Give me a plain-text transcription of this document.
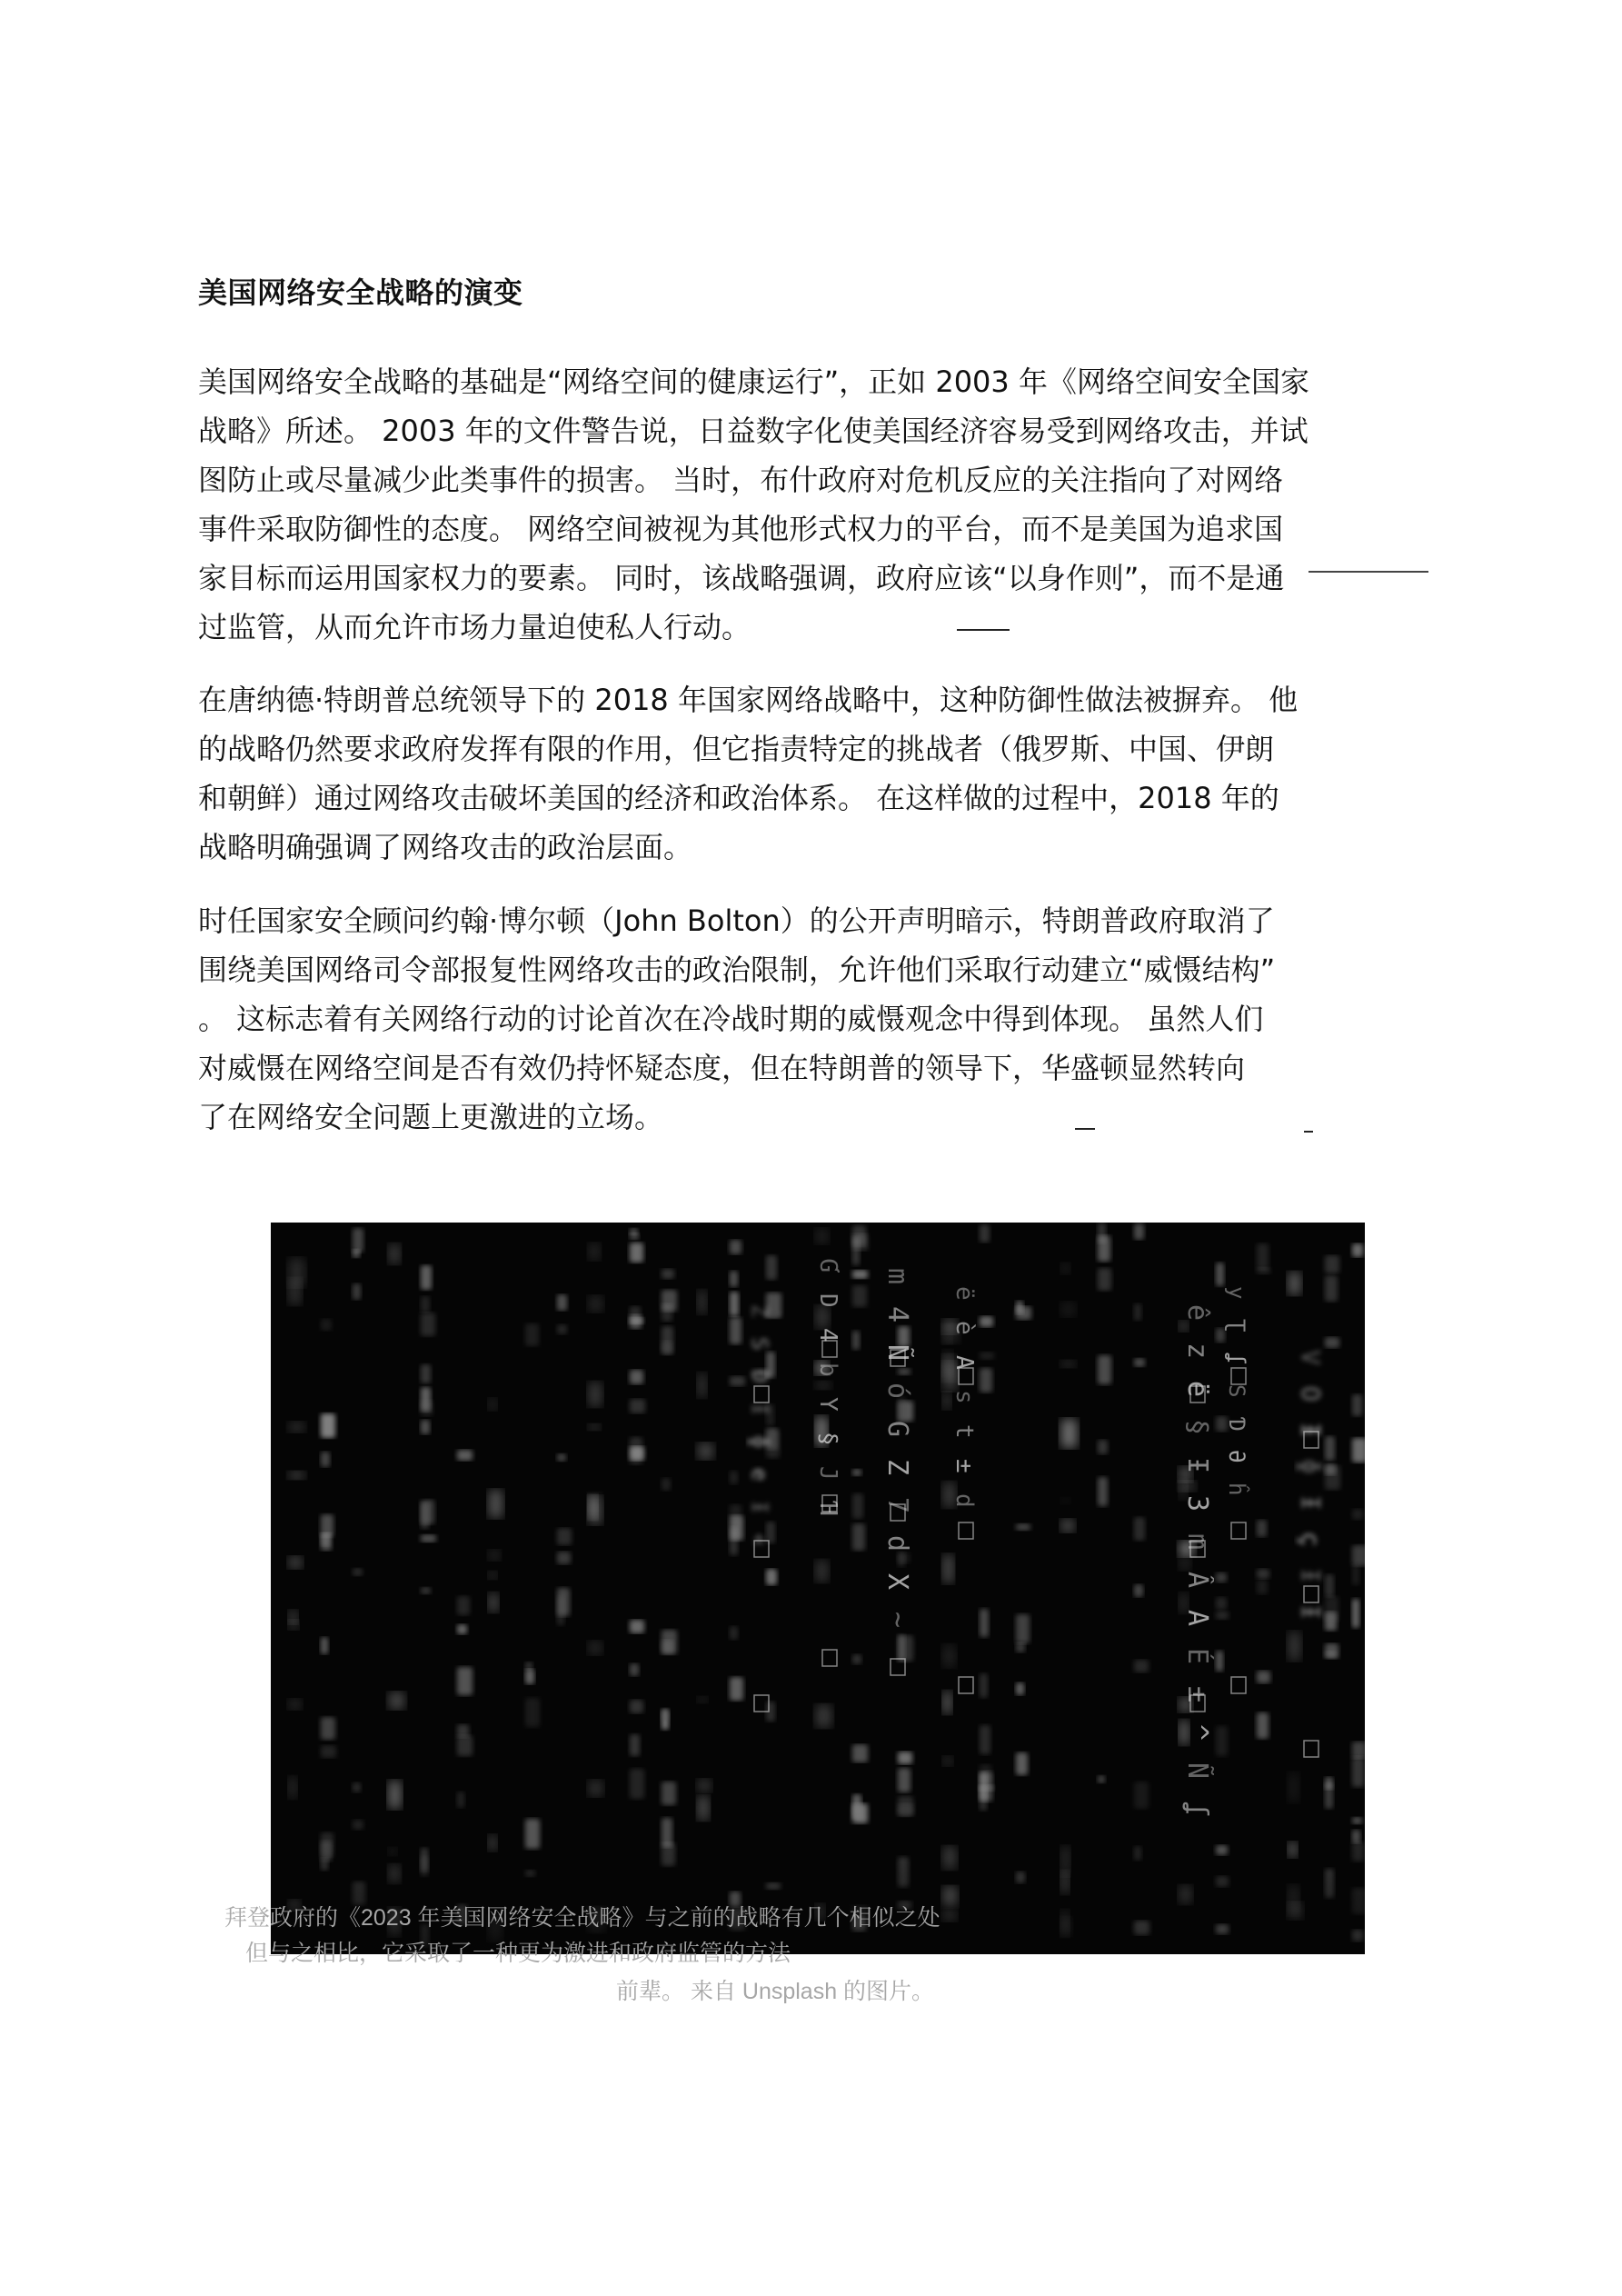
美国网络安全战略的演变

美国网络安全战略的基础是“网络空间的健康运行”，正如 2003 年《网络空间安全国家
战略》所述。 2003 年的文件警告说，日益数字化使美国经济容易受到网络攻击，并试
图防止或尽量减少此类事件的损害。 当时，布什政府对危机反应的关注指向了对网络
事件采取防御性的态度。 网络空间被视为其他形式权力的平台，而不是美国为追求国
家目标而运用国家权力的要素。 同时，该战略强调，政府应该“以身作则”，而不是通
过监管，从而允许市场力量迫使私人行动。

在唐纳德·特朗普总统领导下的 2018 年国家网络战略中，这种防御性做法被摒弃。 他
的战略仍然要求政府发挥有限的作用，但它指责特定的挑战者（俄罗斯、中国、伊朗
和朝鲜）通过网络攻击破坏美国的经济和政治体系。 在这样做的过程中，2018 年的
战略明确强调了网络攻击的政治层面。

时任国家安全顾问约翰·博尔顿（John Bolton）的公开声明暗示，特朗普政府取消了
围绕美国网络司令部报复性网络攻击的政治限制，允许他们采取行动建立“威慑结构”
。 这标志着有关网络行动的讨论首次在冷战时期的威慑观念中得到体现。 虽然人们
对威慑在网络空间是否有效仍持怀疑态度，但在特朗普的领导下，华盛顿显然转向
了在网络安全问题上更激进的立场。

拜登政府的《2023 年美国网络安全战略》与之前的战略有几个相似之处
但与之相比，它采取了一种更为激进和政府监管的方法
前辈。 来自 Unsplash 的图片。
